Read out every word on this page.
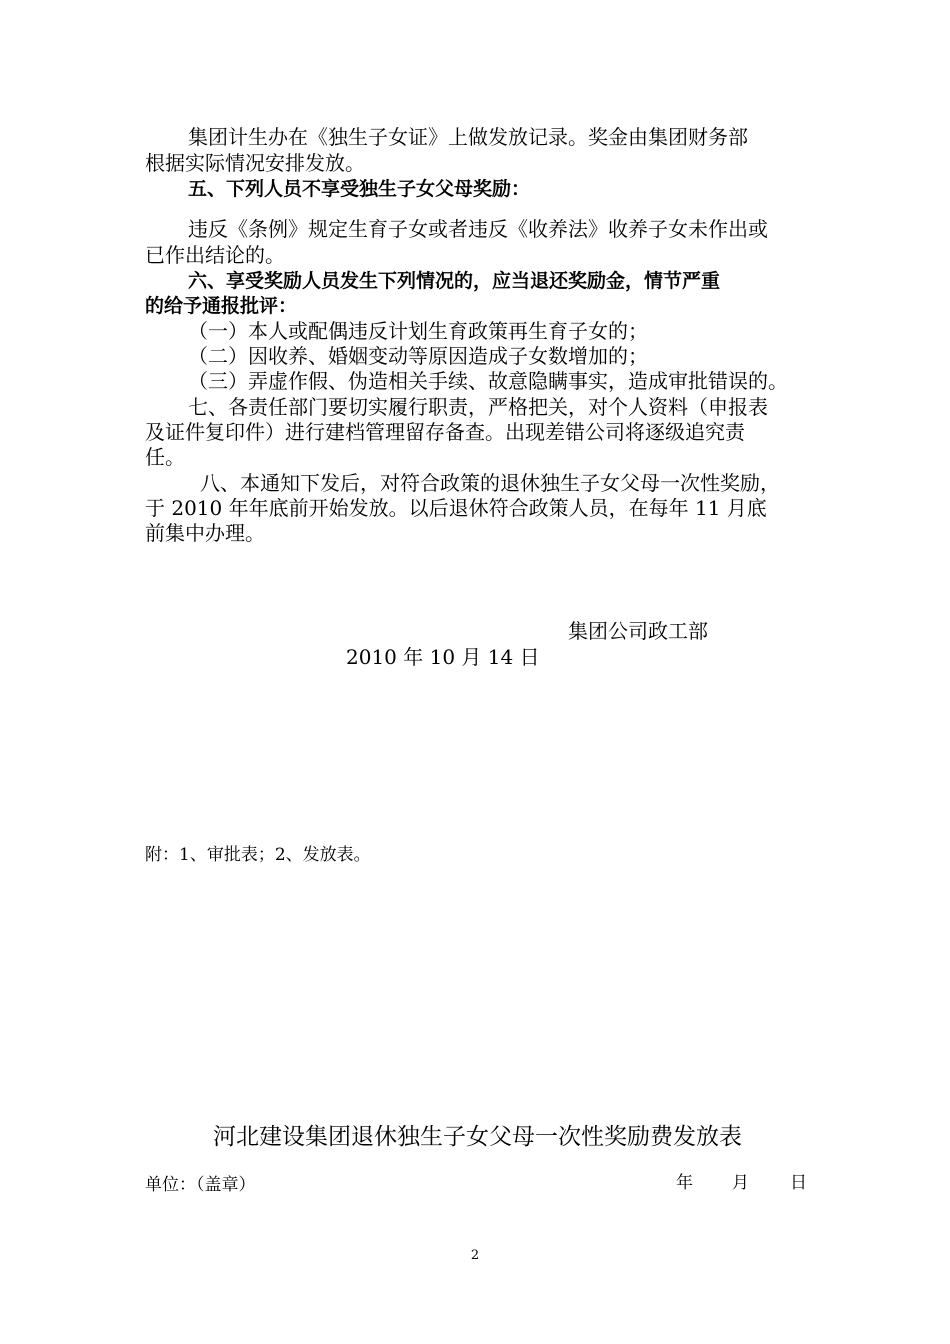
集团计生办在《独生子女证》上做发放记录。奖金由集团财务部
根据实际情况安排发放。
五、下列人员不享受独生子女父母奖励：
违反《条例》规定生育子女或者违反《收养法》收养子女未作出或
已作出结论的。
六、享受奖励人员发生下列情况的，应当退还奖励金，情节严重
的给予通报批评：
（一）本人或配偶违反计划生育政策再生育子女的；
（二）因收养、婚姻变动等原因造成子女数增加的；
（三）弄虚作假、伪造相关手续、故意隐瞒事实，造成审批错误的。
七、各责任部门要切实履行职责，严格把关，对个人资料（申报表
及证件复印件）进行建档管理留存备查。出现差错公司将逐级追究责
任。
八、本通知下发后，对符合政策的退休独生子女父母一次性奖励，
于 2010 年年底前开始发放。以后退休符合政策人员，在每年 11 月底
前集中办理。
集团公司政工部
2010 年 10 月 14 日
附：1、审批表；2、发放表。
河北建设集团退休独生子女父母一次性奖励费发放表
单位：（盖章）	年 月 日
2
